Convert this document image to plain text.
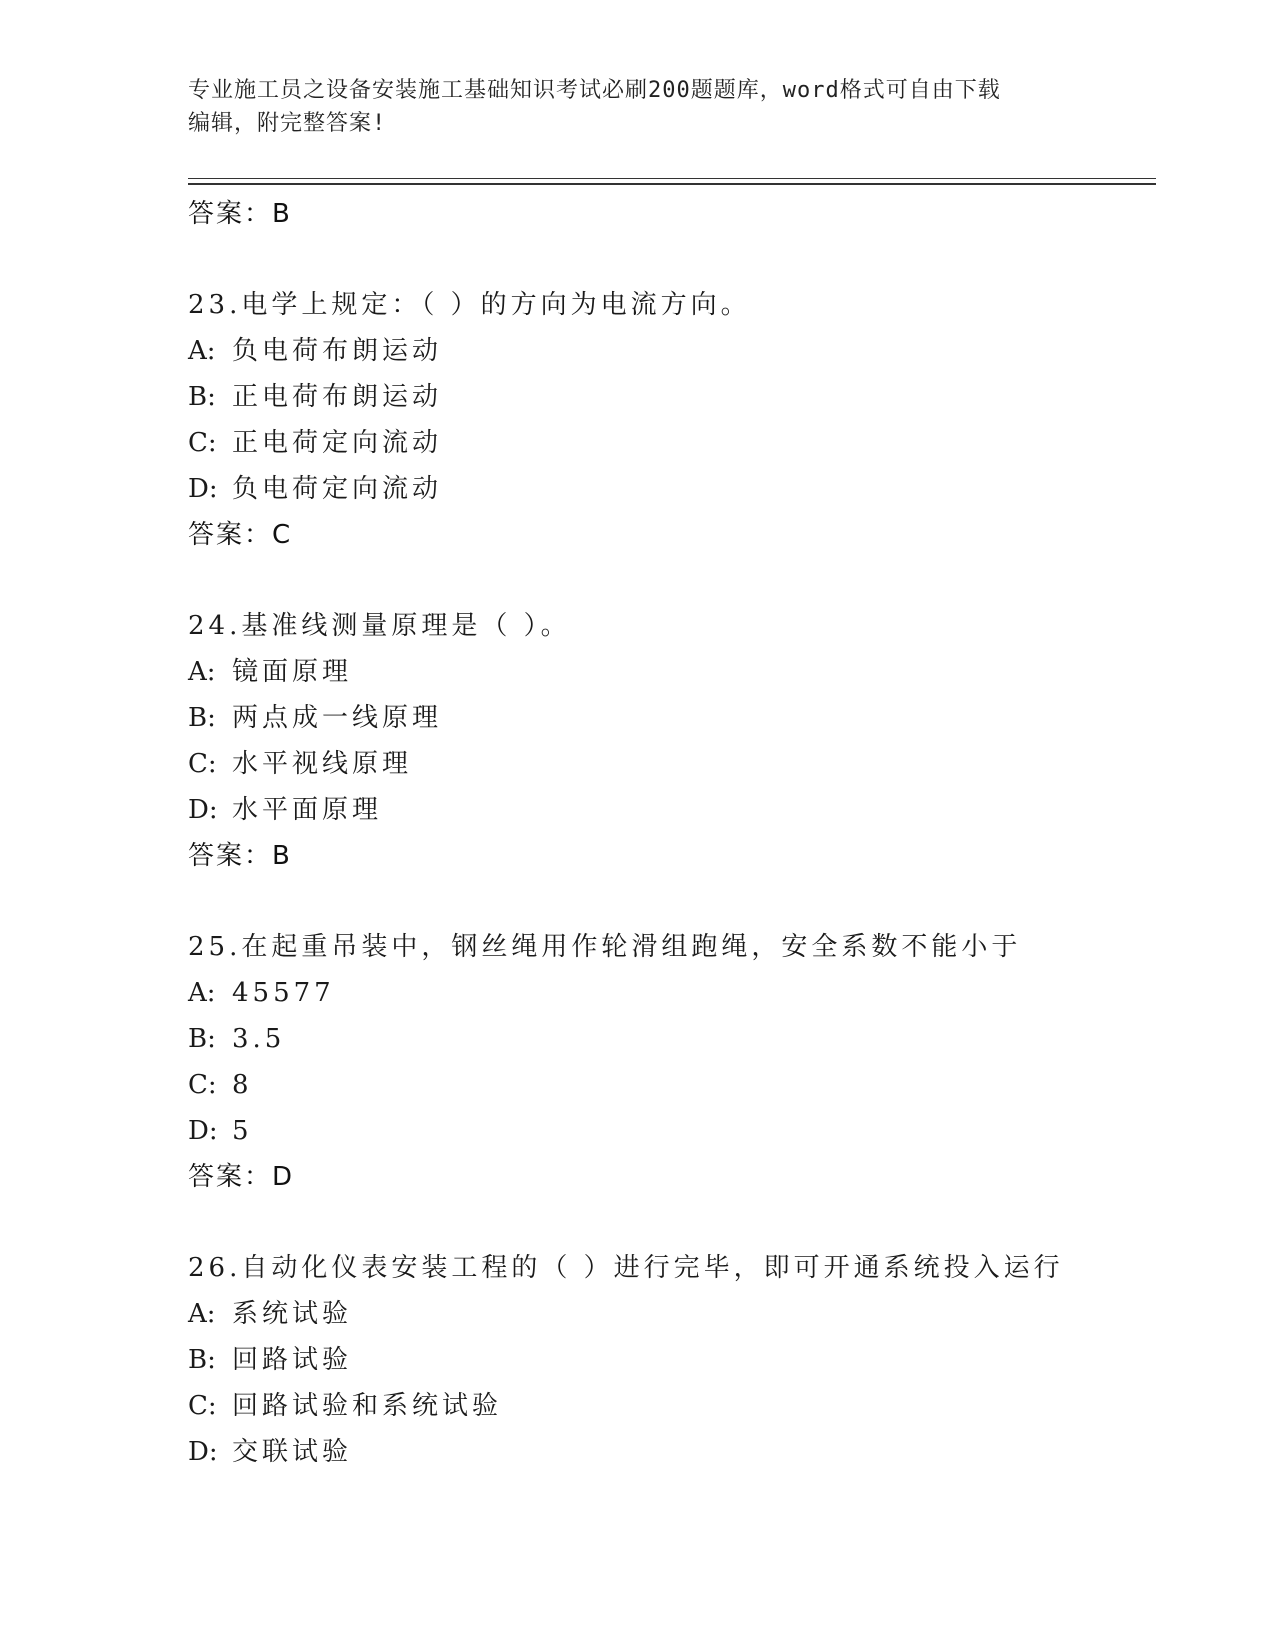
专业施工员之设备安装施工基础知识考试必刷200题题库，word格式可自由下载
编辑，附完整答案!
答案：B
23.电学上规定：（ ）的方向为电流方向。
A: 负电荷布朗运动
B: 正电荷布朗运动
C: 正电荷定向流动
D: 负电荷定向流动
答案：C
24.基准线测量原理是（ ）。
A: 镜面原理
B: 两点成一线原理
C: 水平视线原理
D: 水平面原理
答案：B
25.在起重吊装中，钢丝绳用作轮滑组跑绳，安全系数不能小于
A: 45577
B: 3.5
C: 8
D: 5
答案：D
26.自动化仪表安装工程的（ ）进行完毕，即可开通系统投入运行
A: 系统试验
B: 回路试验
C: 回路试验和系统试验
D: 交联试验
